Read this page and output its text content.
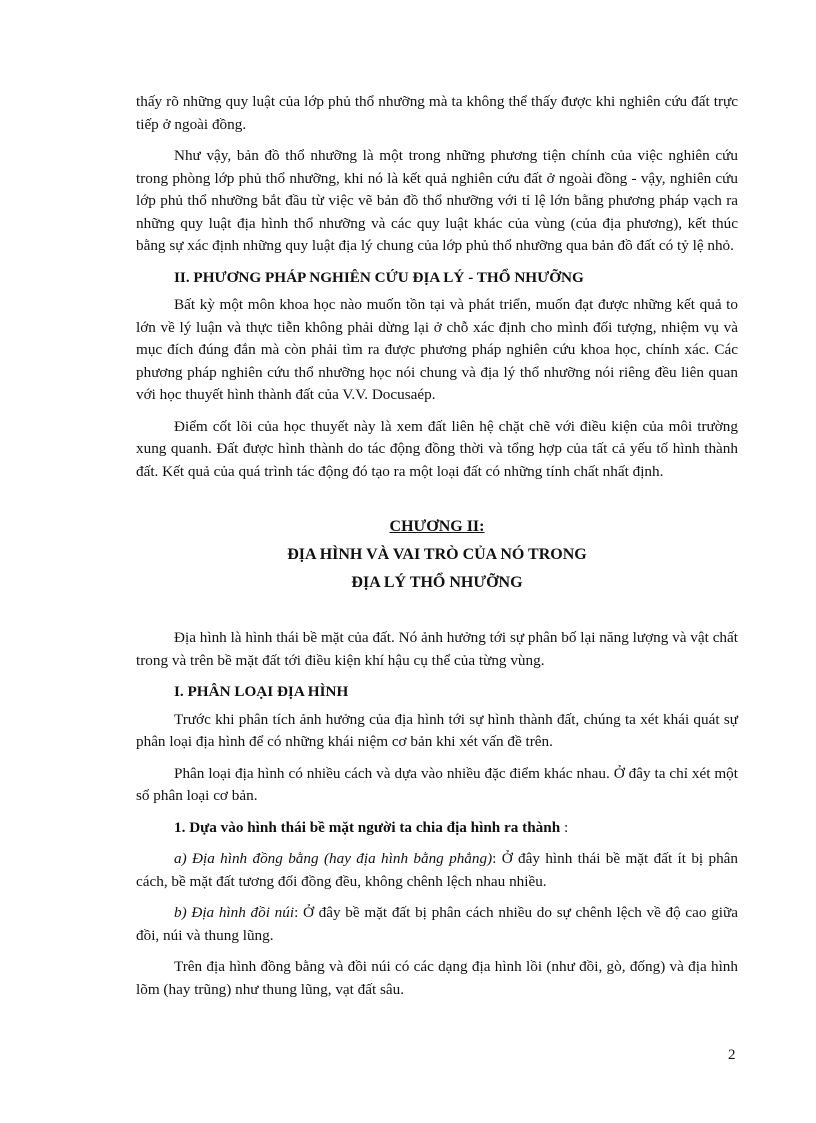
thấy rõ những quy luật của lớp phủ thổ nhưỡng mà ta không thể thấy được khi nghiên cứu đất trực tiếp ở ngoài đồng.

Như vậy, bản đồ thổ nhưỡng là một trong những phương tiện chính của việc nghiên cứu trong phòng lớp phủ thổ nhưỡng, khi nó là kết quả nghiên cứu đất ở ngoài đồng - vậy, nghiên cứu lớp phủ thổ nhưỡng bắt đầu từ việc vẽ bản đồ thổ nhưỡng với tỉ lệ lớn bằng phương pháp vạch ra những quy luật địa hình thổ nhưỡng và các quy luật khác của vùng (của địa phương), kết thúc bằng sự xác định những quy luật địa lý chung của lớp phủ thổ nhưỡng qua bản đồ đất có tỷ lệ nhỏ.

II. PHƯƠNG PHÁP NGHIÊN CỨU ĐỊA LÝ - THỔ NHƯỠNG

Bất kỳ một môn khoa học nào muốn tồn tại và phát triển, muốn đạt được những kết quả to lớn về lý luận và thực tiễn không phải dừng lại ở chỗ xác định cho mình đối tượng, nhiệm vụ và mục đích đúng đắn mà còn phải tìm ra được phương pháp nghiên cứu khoa học, chính xác. Các phương pháp nghiên cứu thổ nhưỡng học nói chung và địa lý thổ nhưỡng nói riêng đều liên quan với học thuyết hình thành đất của V.V. Docusaép.

Điểm cốt lõi của học thuyết này là xem đất liên hệ chặt chẽ với điều kiện của môi trường xung quanh. Đất được hình thành do tác động đồng thời và tổng hợp của tất cả yếu tố hình thành đất. Kết quả của quá trình tác động đó tạo ra một loại đất có những tính chất nhất định.

CHƯƠNG II:

ĐỊA HÌNH VÀ VAI TRÒ CỦA NÓ TRONG

ĐỊA LÝ THỔ NHƯỠNG

Địa hình là hình thái bề mặt của đất. Nó ảnh hưởng tới sự phân bố lại năng lượng và vật chất trong và trên bề mặt đất tới điều kiện khí hậu cụ thể của từng vùng.

I. PHÂN LOẠI ĐỊA HÌNH

Trước khi phân tích ảnh hưởng của địa hình tới sự hình thành đất, chúng ta xét khái quát sự phân loại địa hình để có những khái niệm cơ bản khi xét vấn đề trên.

Phân loại địa hình có nhiều cách và dựa vào nhiều đặc điểm khác nhau. Ở đây ta chỉ xét một số phân loại cơ bản.

1. Dựa vào hình thái bề mặt người ta chia địa hình ra thành :

a) Địa hình đồng bằng (hay địa hình bằng phẳng): Ở đây hình thái bề mặt đất ít bị phân cách, bề mặt đất tương đối đồng đều, không chênh lệch nhau nhiều.

b) Địa hình đồi núi: Ở đây bề mặt đất bị phân cách nhiều do sự chênh lệch về độ cao giữa đồi, núi và thung lũng.

Trên địa hình đồng bằng và đồi núi có các dạng địa hình lồi (như đồi, gò, đống) và địa hình lõm (hay trũng) như thung lũng, vạt đất sâu.

2
